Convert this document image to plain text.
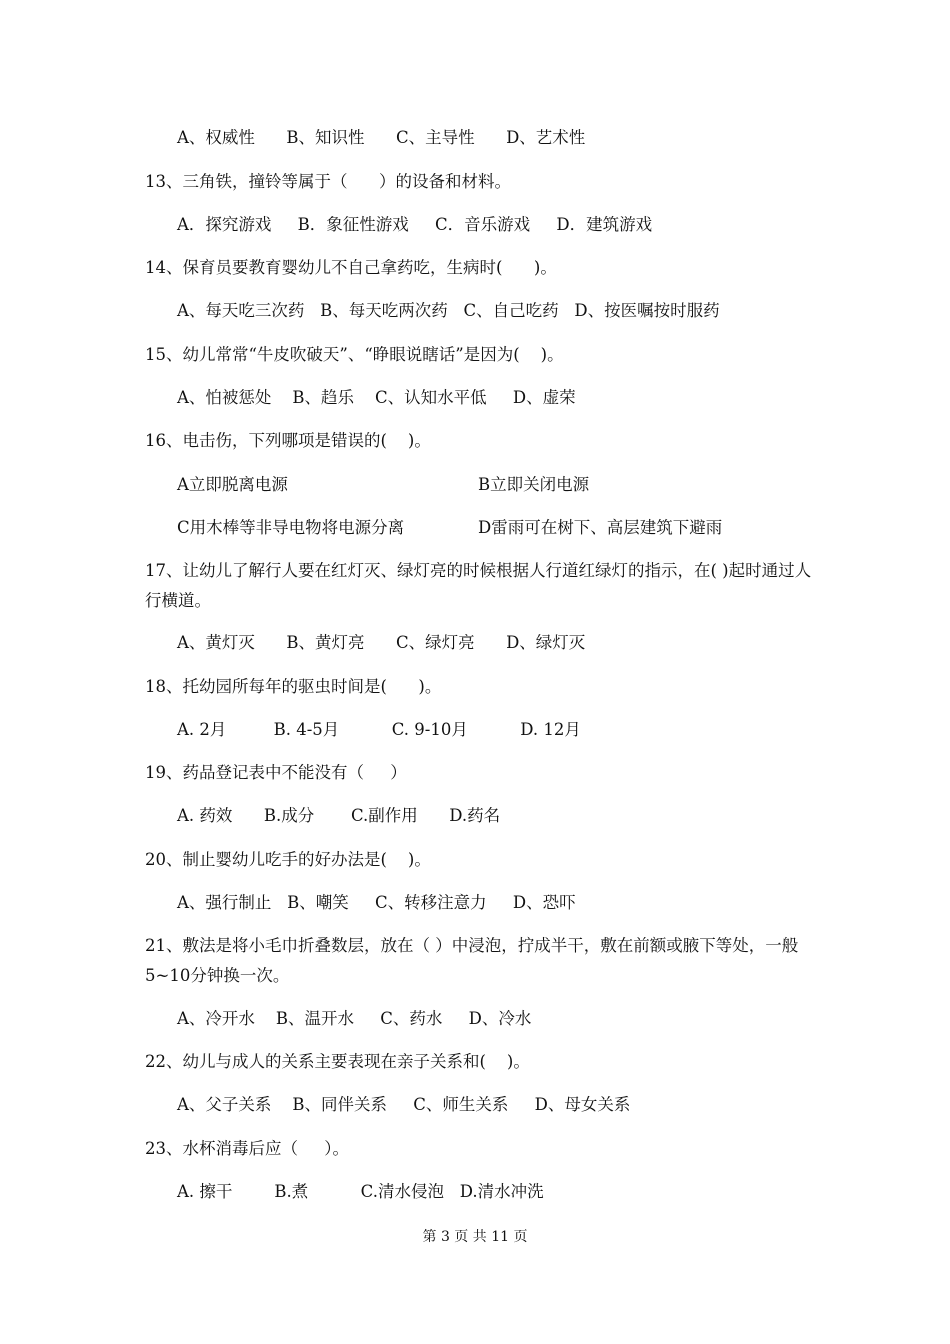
A、权威性      B、知识性      C、主导性      D、艺术性
13、三角铁，撞铃等属于（      ）的设备和材料。
A．探究游戏     B．象征性游戏     C．音乐游戏     D．建筑游戏
14、保育员要教育婴幼儿不自己拿药吃，生病时(      )。
A、每天吃三次药   B、每天吃两次药   C、自己吃药   D、按医嘱按时服药
15、幼儿常常“牛皮吹破天”、“睁眼说瞎话”是因为(    )。
A、怕被惩处    B、趋乐    C、认知水平低     D、虚荣
16、电击伤，下列哪项是错误的(    )。
A立即脱离电源	B立即关闭电源
C用木棒等非导电物将电源分离	D雷雨可在树下、高层建筑下避雨
17、让幼儿了解行人要在红灯灭、绿灯亮的时候根据人行道红绿灯的指示，在( )起时通过人行横道。
A、黄灯灭      B、黄灯亮      C、绿灯亮      D、绿灯灭
18、托幼园所每年的驱虫时间是(      )。
A. 2月         B. 4-5月          C. 9-10月          D. 12月
19、药品登记表中不能没有（     ）
A. 药效      B.成分       C.副作用      D.药名
20、制止婴幼儿吃手的好办法是(    )。
A、强行制止   B、嘲笑     C、转移注意力     D、恐吓
21、敷法是将小毛巾折叠数层，放在（ ）中浸泡，拧成半干，敷在前额或腋下等处，一般5~10分钟换一次。
A、冷开水    B、温开水     C、药水     D、冷水
22、幼儿与成人的关系主要表现在亲子关系和(    )。
A、父子关系    B、同伴关系     C、师生关系     D、母女关系
23、水杯消毒后应（     ）。
A. 擦干        B.煮          C.清水侵泡   D.清水冲洗
第 3 页 共 11 页
